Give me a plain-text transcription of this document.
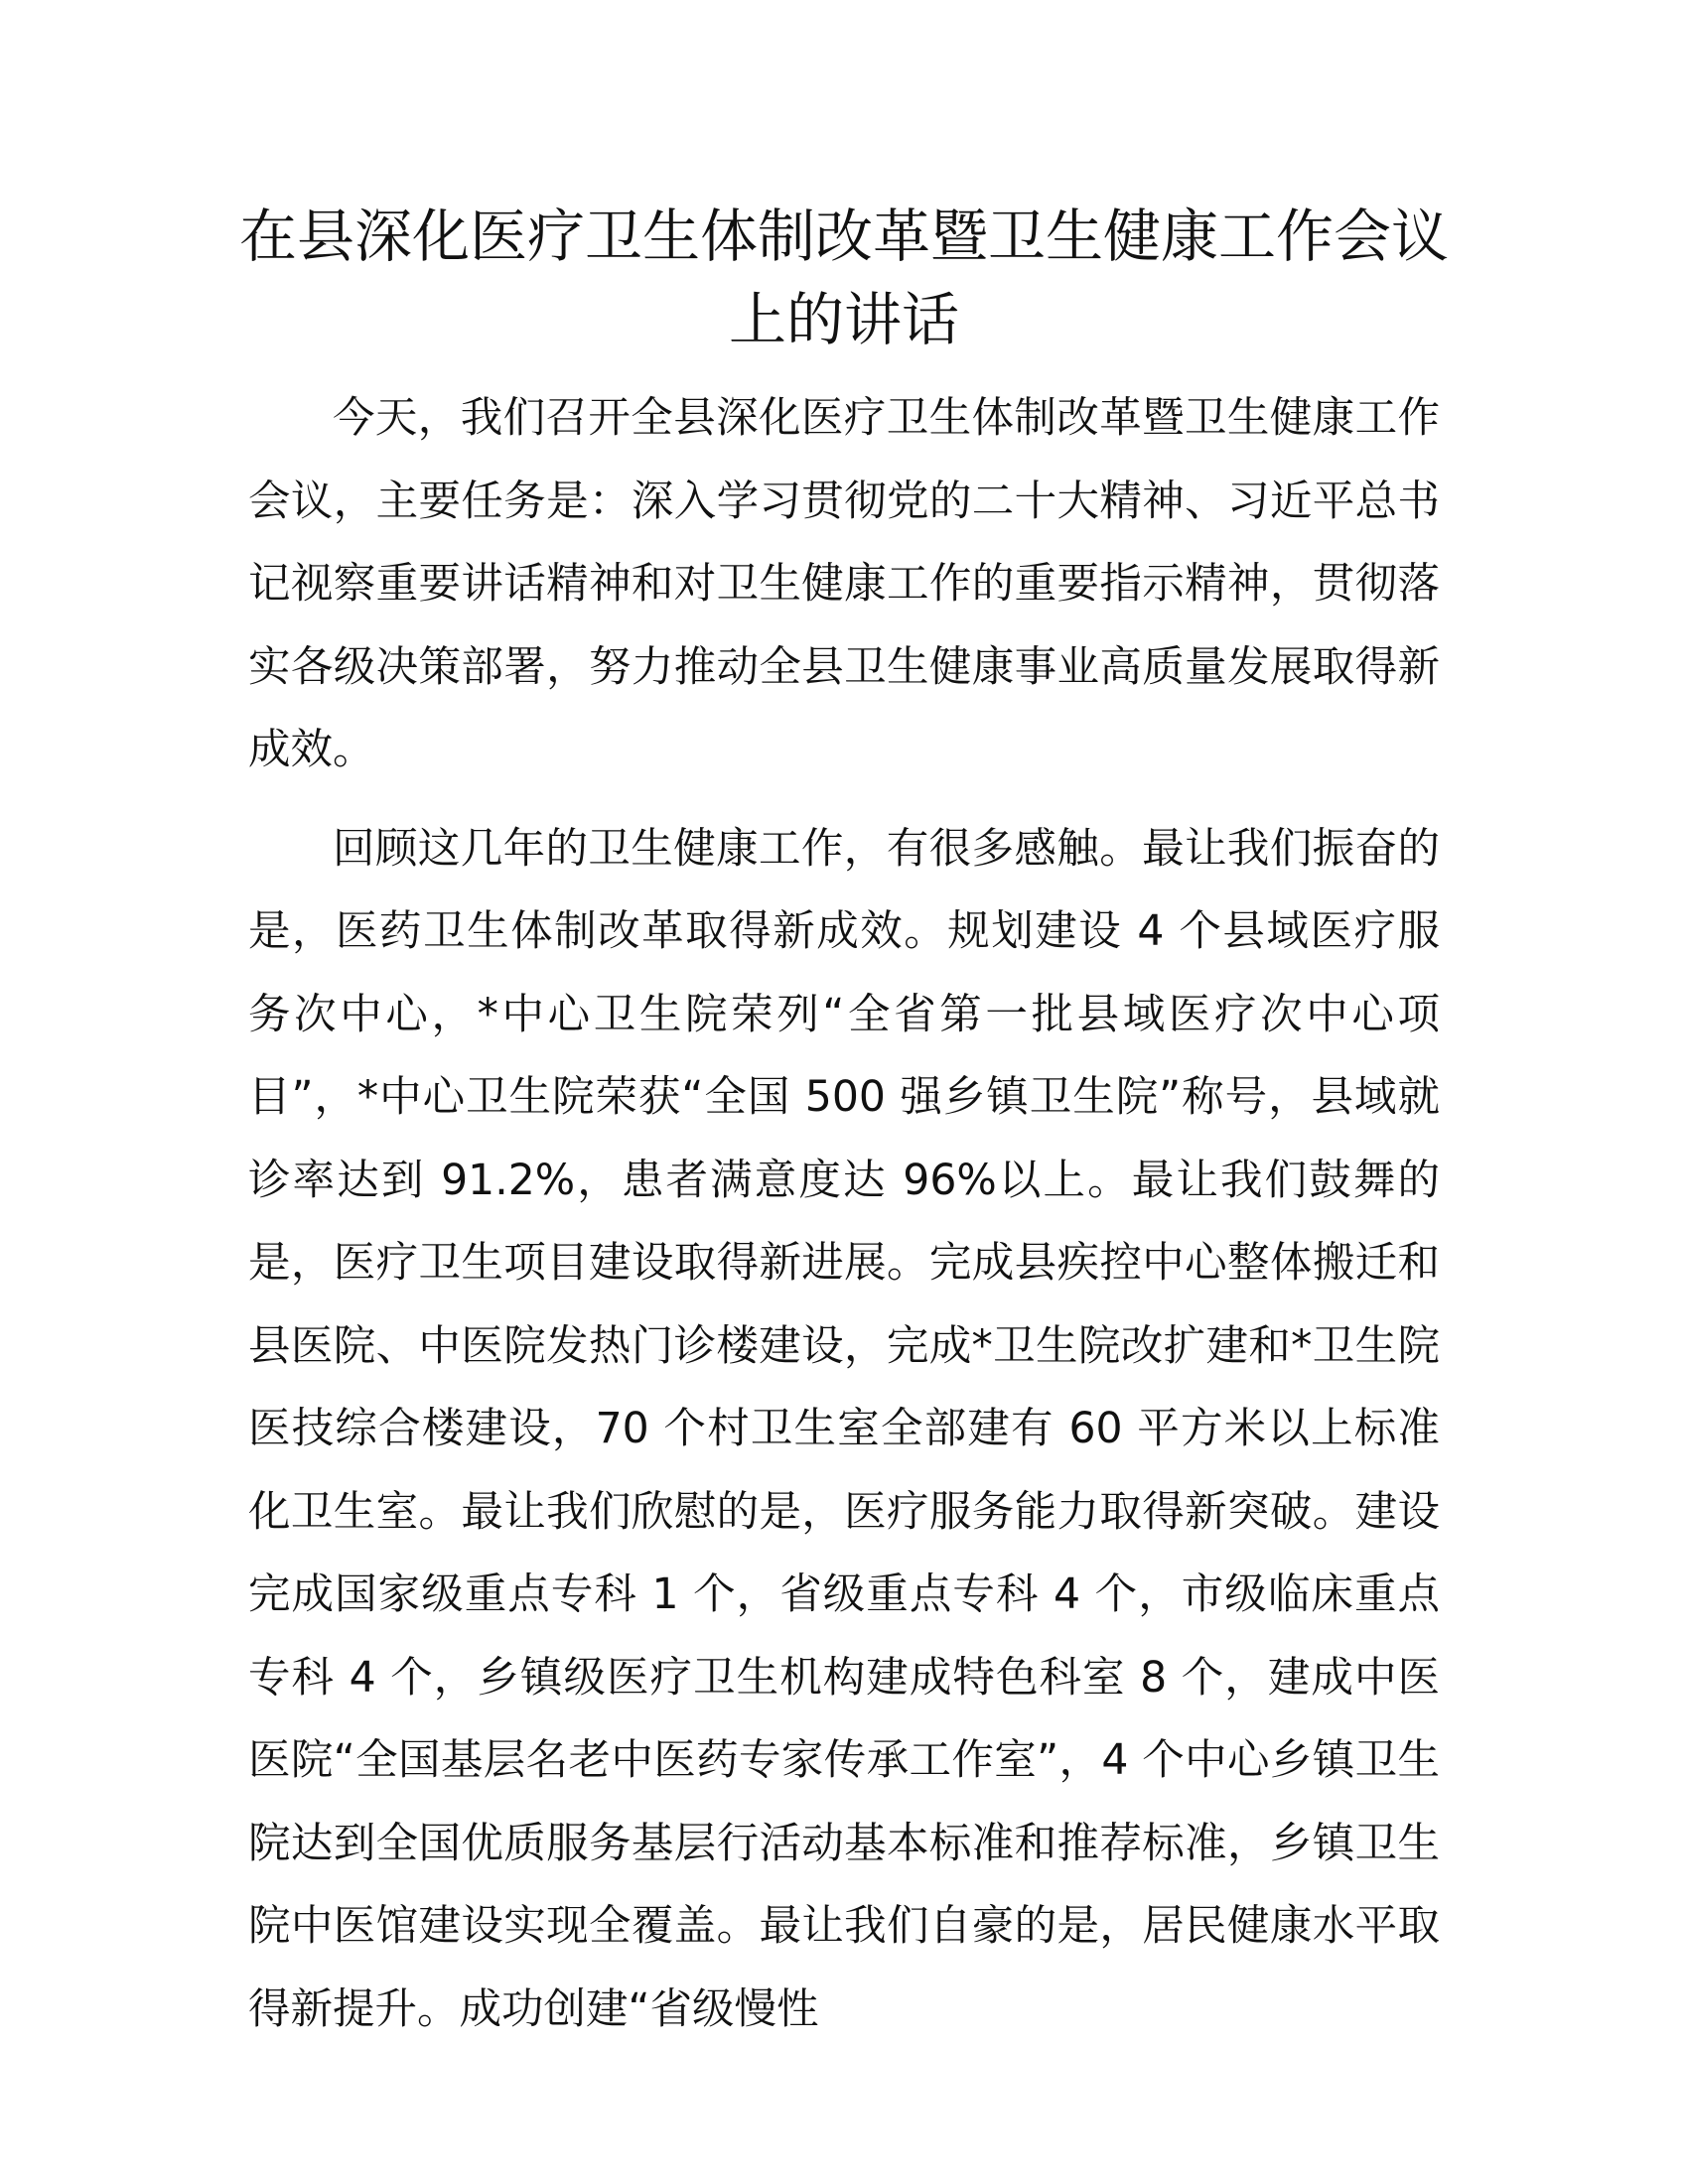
在县深化医疗卫生体制改革暨卫生健康工作会议上的讲话

今天，我们召开全县深化医疗卫生体制改革暨卫生健康工作会议，主要任务是：深入学习贯彻党的二十大精神、习近平总书记视察重要讲话精神和对卫生健康工作的重要指示精神，贯彻落实各级决策部署，努力推动全县卫生健康事业高质量发展取得新成效。

回顾这几年的卫生健康工作，有很多感触。最让我们振奋的是，医药卫生体制改革取得新成效。规划建设 4 个县域医疗服务次中心，*中心卫生院荣列“全省第一批县域医疗次中心项目”，*中心卫生院荣获“全国 500 强乡镇卫生院”称号，县域就诊率达到 91.2%，患者满意度达 96%以上。最让我们鼓舞的是，医疗卫生项目建设取得新进展。完成县疾控中心整体搬迁和县医院、中医院发热门诊楼建设，完成*卫生院改扩建和*卫生院医技综合楼建设，70 个村卫生室全部建有 60 平方米以上标准化卫生室。最让我们欣慰的是，医疗服务能力取得新突破。建设完成国家级重点专科 1 个，省级重点专科 4 个，市级临床重点专科 4 个，乡镇级医疗卫生机构建成特色科室 8 个，建成中医医院“全国基层名老中医药专家传承工作室”，4 个中心乡镇卫生院达到全国优质服务基层行活动基本标准和推荐标准，乡镇卫生院中医馆建设实现全覆盖。最让我们自豪的是，居民健康水平取得新提升。成功创建“省级慢性
